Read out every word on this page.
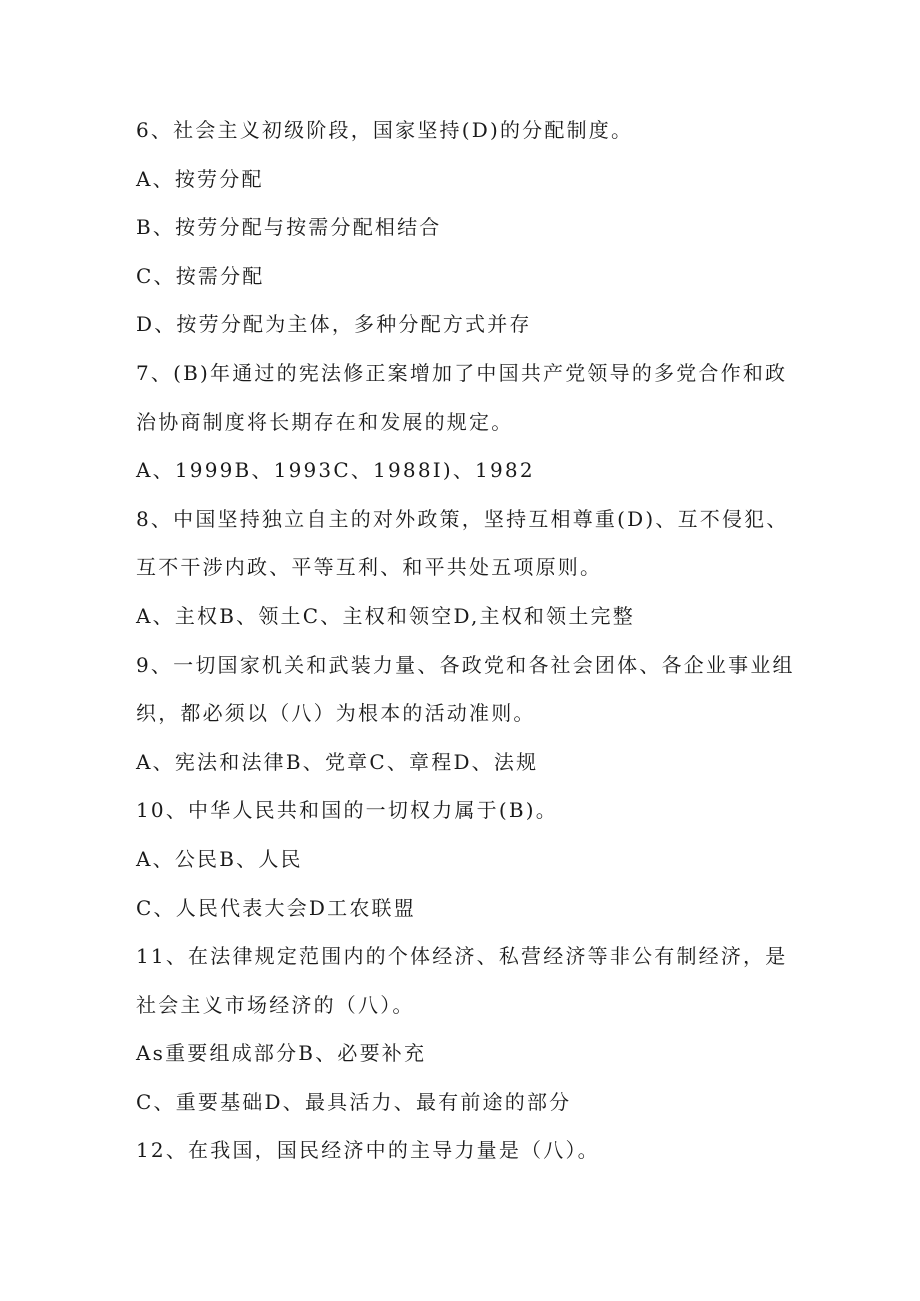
6、社会主义初级阶段，国家坚持(D)的分配制度。
A、按劳分配
B、按劳分配与按需分配相结合
C、按需分配
D、按劳分配为主体，多种分配方式并存
7、(B)年通过的宪法修正案增加了中国共产党领导的多党合作和政
治协商制度将长期存在和发展的规定。
A、1999B、1993C、1988I)、1982
8、中国坚持独立自主的对外政策，坚持互相尊重(D)、互不侵犯、
互不干涉内政、平等互利、和平共处五项原则。
A、主权B、领土C、主权和领空D,主权和领土完整
9、一切国家机关和武装力量、各政党和各社会团体、各企业事业组
织，都必须以（八）为根本的活动准则。
A、宪法和法律B、党章C、章程D、法规
10、中华人民共和国的一切权力属于(B)。
A、公民B、人民
C、人民代表大会D工农联盟
11、在法律规定范围内的个体经济、私营经济等非公有制经济，是
社会主义市场经济的（八）。
As重要组成部分B、必要补充
C、重要基础D、最具活力、最有前途的部分
12、在我国，国民经济中的主导力量是（八）。
